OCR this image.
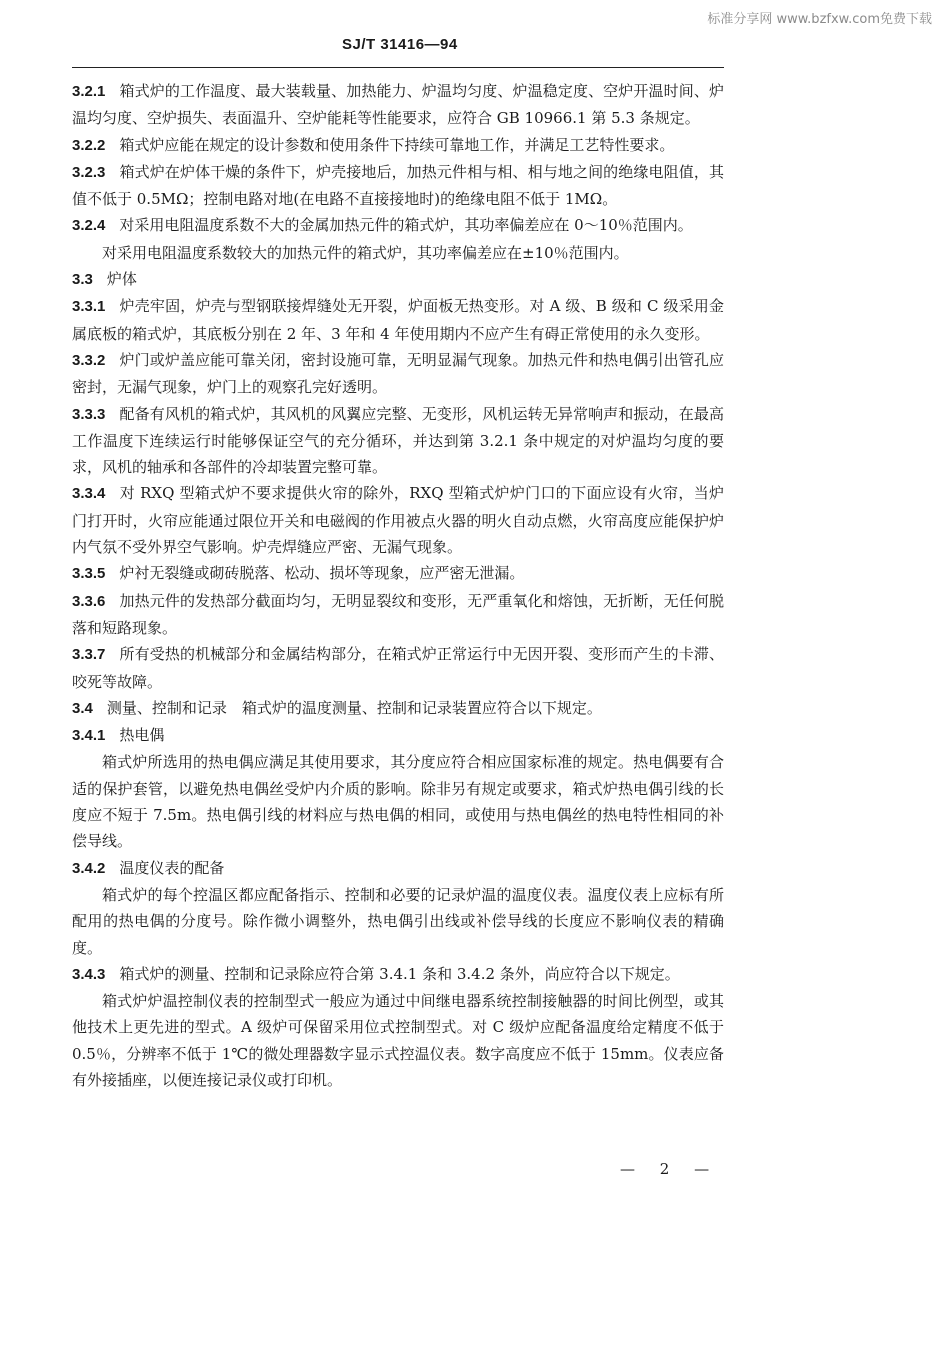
标准分享网 www.bzfxw.com免费下载
SJ/T 31416—94

3.2.1 箱式炉的工作温度、最大装载量、加热能力、炉温均匀度、炉温稳定度、空炉开温时间、炉温均匀度、空炉损失、表面温升、空炉能耗等性能要求，应符合 GB 10966.1 第 5.3 条规定。

3.2.2 箱式炉应能在规定的设计参数和使用条件下持续可靠地工作，并满足工艺特性要求。

3.2.3 箱式炉在炉体干燥的条件下，炉壳接地后，加热元件相与相、相与地之间的绝缘电阻值，其值不低于 0.5MΩ；控制电路对地(在电路不直接接地时)的绝缘电阻不低于 1MΩ。

3.2.4 对采用电阻温度系数不大的金属加热元件的箱式炉，其功率偏差应在 0～10％范围内。

对采用电阻温度系数较大的加热元件的箱式炉，其功率偏差应在±10％范围内。

3.3 炉体

3.3.1 炉壳牢固，炉壳与型钢联接焊缝处无开裂，炉面板无热变形。对 A 级、B 级和 C 级采用金属底板的箱式炉，其底板分别在 2 年、3 年和 4 年使用期内不应产生有碍正常使用的永久变形。

3.3.2 炉门或炉盖应能可靠关闭，密封设施可靠，无明显漏气现象。加热元件和热电偶引出管孔应密封，无漏气现象，炉门上的观察孔完好透明。

3.3.3 配备有风机的箱式炉，其风机的风翼应完整、无变形，风机运转无异常响声和振动，在最高工作温度下连续运行时能够保证空气的充分循环，并达到第 3.2.1 条中规定的对炉温均匀度的要求，风机的轴承和各部件的冷却装置完整可靠。

3.3.4 对 RXQ 型箱式炉不要求提供火帘的除外，RXQ 型箱式炉炉门口的下面应设有火帘，当炉门打开时，火帘应能通过限位开关和电磁阀的作用被点火器的明火自动点燃，火帘高度应能保护炉内气氛不受外界空气影响。炉壳焊缝应严密、无漏气现象。

3.3.5 炉衬无裂缝或砌砖脱落、松动、损坏等现象，应严密无泄漏。

3.3.6 加热元件的发热部分截面均匀，无明显裂纹和变形，无严重氧化和熔蚀，无折断，无任何脱落和短路现象。

3.3.7 所有受热的机械部分和金属结构部分，在箱式炉正常运行中无因开裂、变形而产生的卡滞、咬死等故障。

3.4 测量、控制和记录　箱式炉的温度测量、控制和记录装置应符合以下规定。

3.4.1 热电偶

箱式炉所选用的热电偶应满足其使用要求，其分度应符合相应国家标准的规定。热电偶要有合适的保护套管，以避免热电偶丝受炉内介质的影响。除非另有规定或要求，箱式炉热电偶引线的长度应不短于 7.5m。热电偶引线的材料应与热电偶的相同，或使用与热电偶丝的热电特性相同的补偿导线。

3.4.2 温度仪表的配备

箱式炉的每个控温区都应配备指示、控制和必要的记录炉温的温度仪表。温度仪表上应标有所配用的热电偶的分度号。除作微小调整外，热电偶引出线或补偿导线的长度应不影响仪表的精确度。

3.4.3 箱式炉的测量、控制和记录除应符合第 3.4.1 条和 3.4.2 条外，尚应符合以下规定。

箱式炉炉温控制仪表的控制型式一般应为通过中间继电器系统控制接触器的时间比例型，或其他技术上更先进的型式。A 级炉可保留采用位式控制型式。对 C 级炉应配备温度给定精度不低于 0.5％，分辨率不低于 1℃的微处理器数字显示式控温仪表。数字高度应不低于 15mm。仪表应备有外接插座，以便连接记录仪或打印机。

— 2 —
